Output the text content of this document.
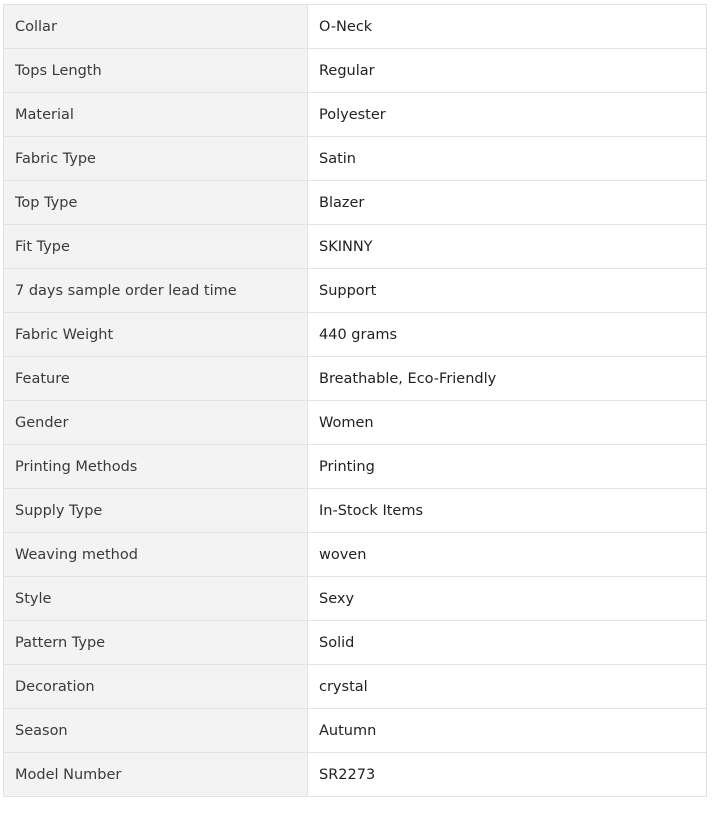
Collar	O-Neck
Tops Length	Regular
Material	Polyester
Fabric Type	Satin
Top Type	Blazer
Fit Type	SKINNY
7 days sample order lead time	Support
Fabric Weight	440 grams
Feature	Breathable, Eco-Friendly
Gender	Women
Printing Methods	Printing
Supply Type	In-Stock Items
Weaving method	woven
Style	Sexy
Pattern Type	Solid
Decoration	crystal
Season	Autumn
Model Number	SR2273
